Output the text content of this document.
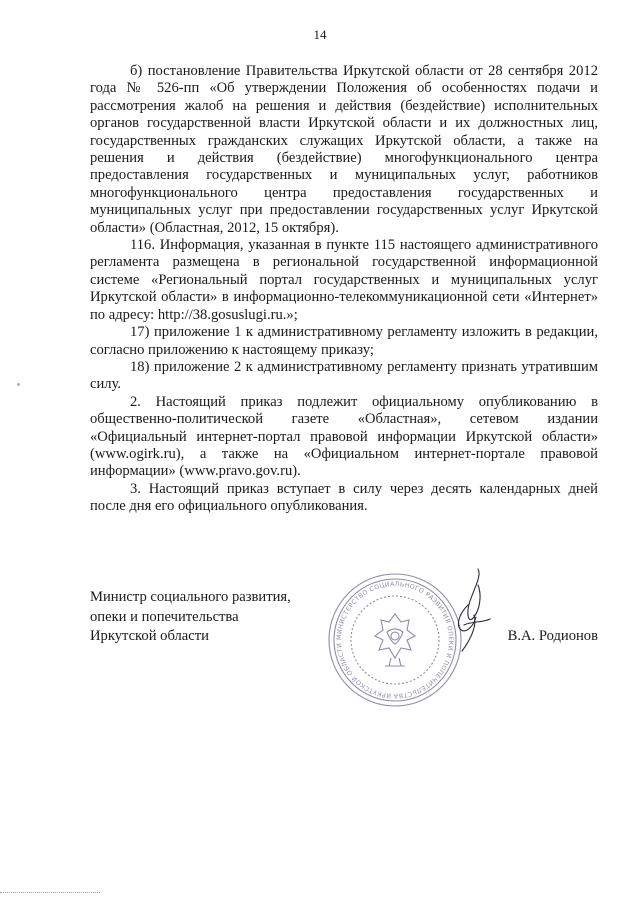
14

б) постановление Правительства Иркутской области от 28 сентября 2012 года № 526-пп «Об утверждении Положения об особенностях подачи и рассмотрения жалоб на решения и действия (бездействие) исполнительных органов государственной власти Иркутской области и их должностных лиц, государственных гражданских служащих Иркутской области, а также на решения и действия (бездействие) многофункционального центра предоставления государственных и муниципальных услуг, работников многофункционального центра предоставления государственных и муниципальных услуг при предоставлении государственных услуг Иркутской области» (Областная, 2012, 15 октября).

116. Информация, указанная в пункте 115 настоящего административного регламента размещена в региональной государственной информационной системе «Региональный портал государственных и муниципальных услуг Иркутской области» в информационно-телекоммуникационной сети «Интернет» по адресу: http://38.gosuslugi.ru.»;

17) приложение 1 к административному регламенту изложить в редакции, согласно приложению к настоящему приказу;

18) приложение 2 к административному регламенту признать утратившим силу.

2. Настоящий приказ подлежит официальному опубликованию в общественно-политической газете «Областная», сетевом издании «Официальный интернет-портал правовой информации Иркутской области» (www.ogirk.ru), а также на «Официальном интернет-портале правовой информации» (www.pravo.gov.ru).

3. Настоящий приказ вступает в силу через десять календарных дней после дня его официального опубликования.

Министр социального развития,
опеки и попечительства
Иркутской области	В.А. Родионов
МИНИСТЕРСТВО СОЦИАЛЬНОГО РАЗВИТИЯ ОПЕКИ И ПОПЕЧИТЕЛЬСТВА ИРКУТСКОЙ ОБЛАСТИ
